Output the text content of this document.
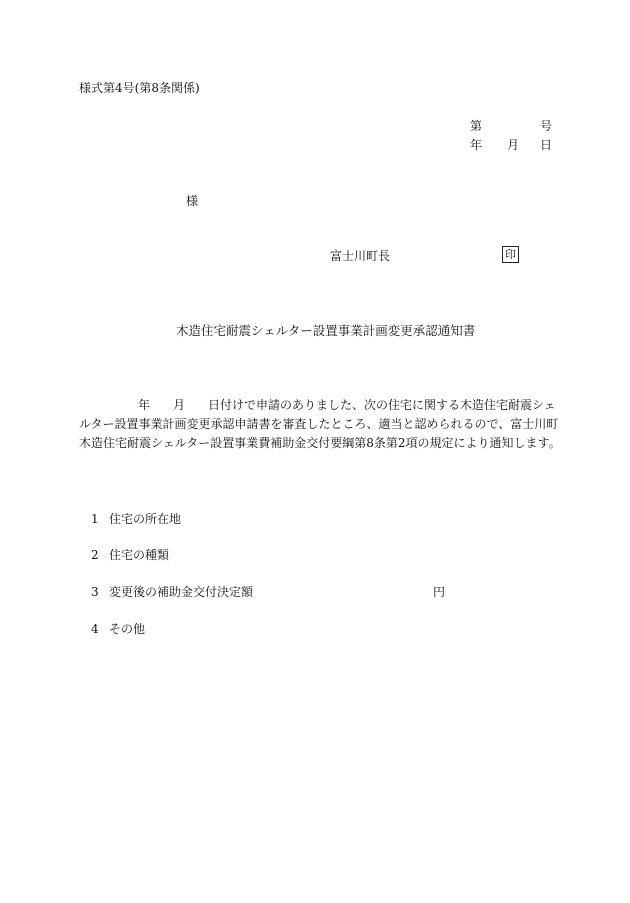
様式第4号(第8条関係)
第	号
年 月 日
様
富士川町長	印
木造住宅耐震シェルター設置事業計画変更承認通知書
年 月 日付けで申請のありました、次の住宅に関する木造住宅耐震シェ
ルター設置事業計画変更承認申請書を審査したところ、適当と認められるので、富士川町
木造住宅耐震シェルター設置事業費補助金交付要綱第8条第2項の規定により通知します。
1 住宅の所在地
2 住宅の種類
3 変更後の補助金交付決定額	円
4 その他
